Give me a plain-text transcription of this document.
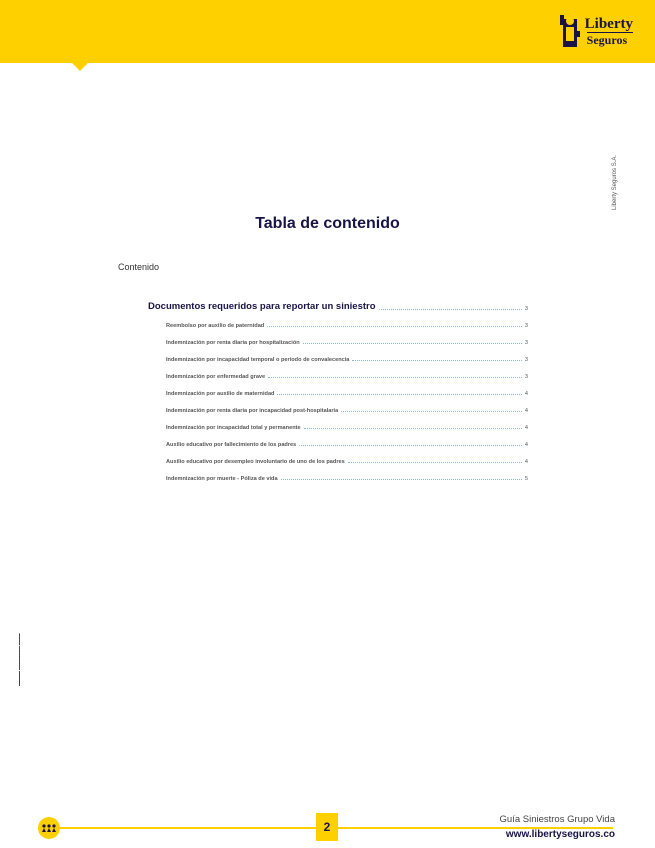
Liberty
Seguros
Liberty Seguros S.A.
▬▬▬▬▬ ▬▬▬▬▬▬▬▬ ▬▬▬▬
Tabla de contenido
Contenido
Documentos requeridos para reportar un siniestro	3
Reembolso por auxilio de paternidad	3
Indemnización por renta diaria por hospitalización	3
Indemnización por incapacidad temporal o periodo de convalecencia	3
Indemnización por enfermedad grave	3
Indemnización por auxilio de maternidad	4
Indemnización por renta diaria por incapacidad post-hospitalaria	4
Indemnización por incapacidad total y permanente	4
Auxilio educativo por fallecimiento de los padres	4
Auxilio educativo por desempleo involuntario de uno de los padres	4
Indemnización por muerte - Póliza de vida	5
2
Guía Siniestros Grupo Vida
www.libertyseguros.co
